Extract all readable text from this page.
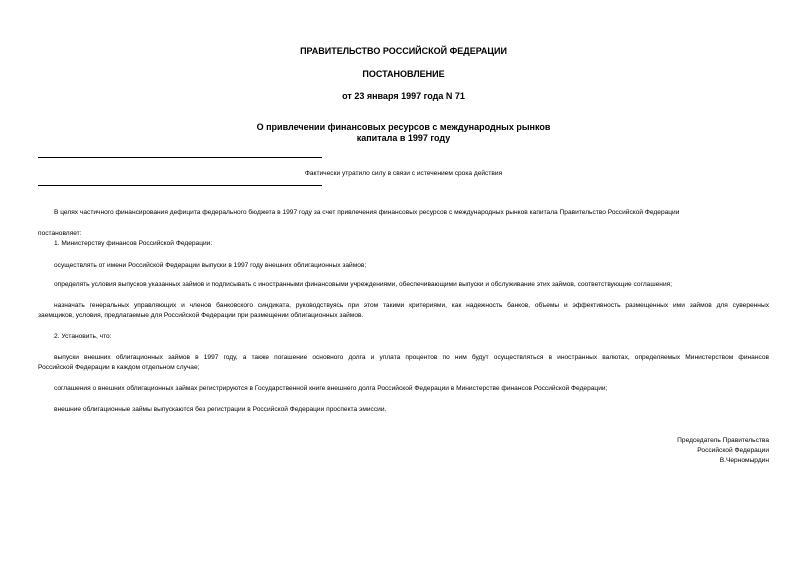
ПРАВИТЕЛЬСТВО РОССИЙСКОЙ ФЕДЕРАЦИИ
ПОСТАНОВЛЕНИЕ
от 23 января 1997 года N 71
О привлечении финансовых ресурсов с международных рынков
капитала в 1997 году
Фактически утратило силу в связи с истечением срока действия
В целях частичного финансирования дефицита федерального бюджета в 1997 году за счет привлечения финансовых ресурсов с международных рынков капитала Правительство Российской Федерации
постановляет:
1. Министерству финансов Российской Федерации:
осуществлять от имени Российской Федерации выпуски в 1997 году внешних облигационных займов;
определять условия выпусков указанных займов и подписывать с иностранными финансовыми учреждениями, обеспечивающими выпуски и обслуживание этих займов, соответствующие соглашения;
назначать генеральных управляющих и членов банковского синдиката, руководствуясь при этом такими критериями, как надежность банков, объемы и эффективность размещенных ими займов для суверенных
заемщиков, условия, предлагаемые для Российской Федерации при размещении облигационных займов.
2. Установить, что:
выпуски внешних облигационных займов в 1997 году, а также погашение основного долга и уплата процентов по ним будут осуществляться в иностранных валютах, определяемых Министерством финансов
Российской Федерации в каждом отдельном случае;
соглашения о внешних облигационных займах регистрируются в Государственной книге внешнего долга Российской Федерации в Министерстве финансов Российской Федерации;
внешние облигационные займы выпускаются без регистрации в Российской Федерации проспекта эмиссии.
Председатель Правительства
Российской Федерации
В.Черномырдин
